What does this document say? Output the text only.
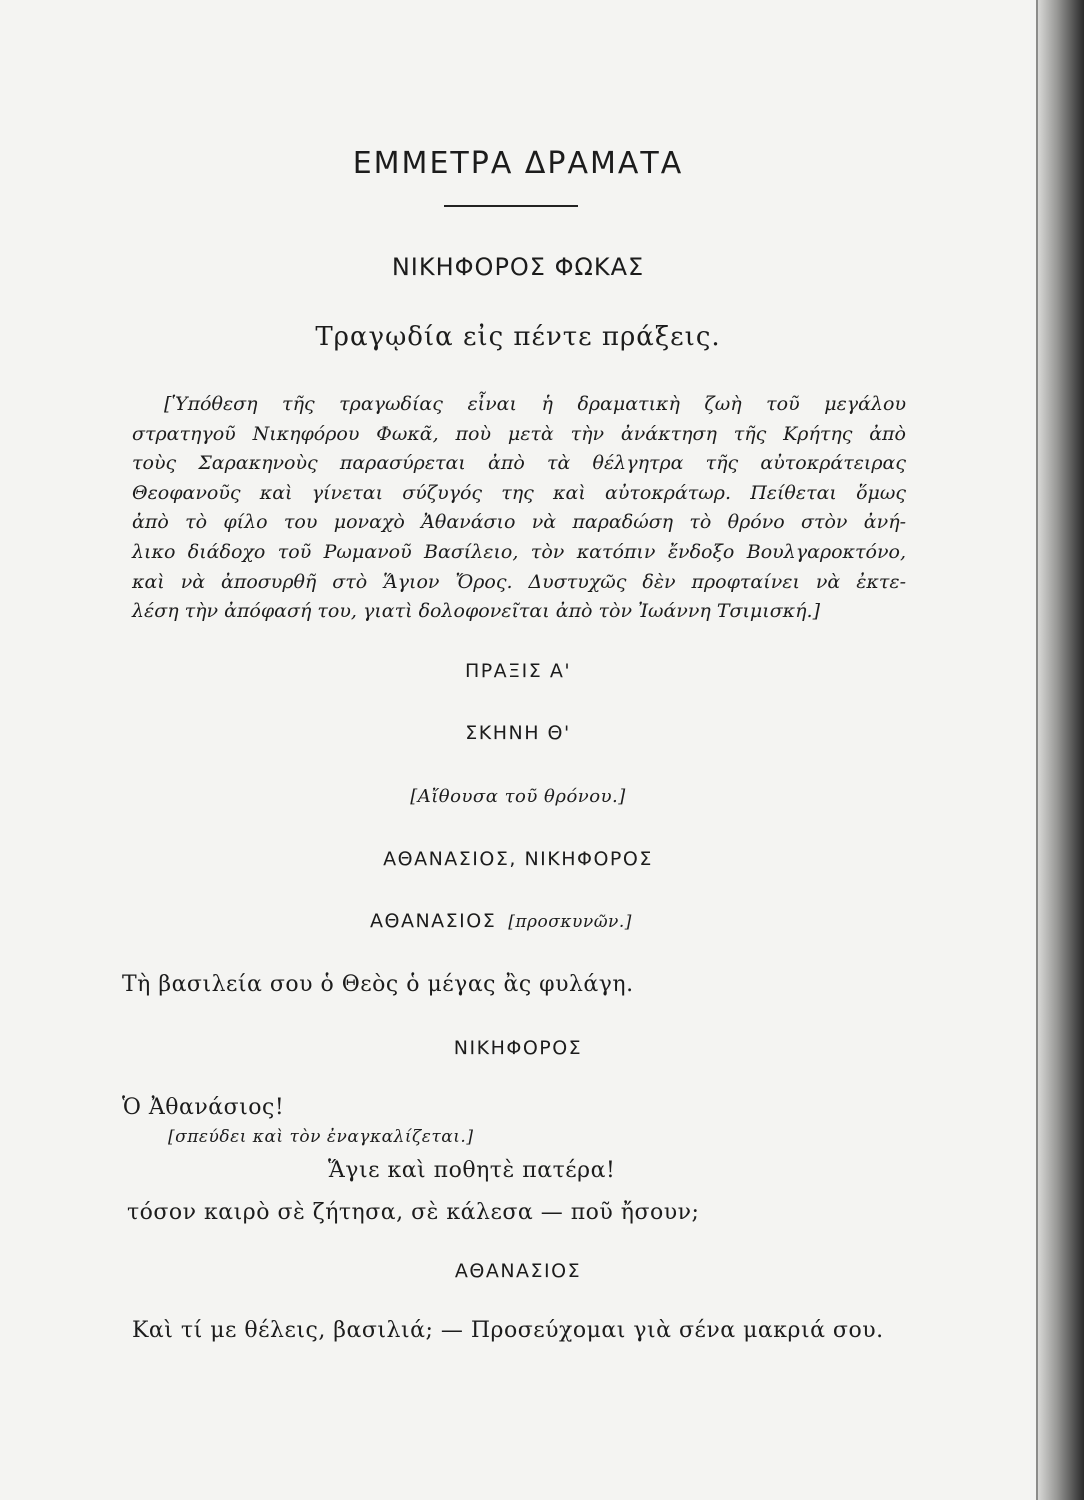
ΕΜΜΕΤΡΑ ΔΡΑΜΑΤΑ
ΝΙΚΗΦΟΡΟΣ ΦΩΚΑΣ
Τραγῳδία εἰς πέντε πράξεις.
[Ὑπόθεση τῆς τραγωδίας εἶναι ἡ δραματικὴ ζωὴ τοῦ μεγάλου
στρατηγοῦ Νικηφόρου Φωκᾶ, ποὺ μετὰ τὴν ἀνάκτηση τῆς Κρήτης ἀπὸ
τοὺς Σαρακηνοὺς παρασύρεται ἀπὸ τὰ θέλγητρα τῆς αὐτοκράτειρας
Θεοφανοῦς καὶ γίνεται σύζυγός της καὶ αὐτοκράτωρ. Πείθεται ὅμως
ἀπὸ τὸ φίλο του μοναχὸ Ἀθανάσιο νὰ παραδώση τὸ θρόνο στὸν ἀνή-
λικο διάδοχο τοῦ Ρωμανοῦ Βασίλειο, τὸν κατόπιν ἔνδοξο Βουλγαροκτόνο,
καὶ νὰ ἀποσυρθῆ στὸ Ἅγιον Ὄρος. Δυστυχῶς δὲν προφταίνει νὰ ἐκτε-
λέση τὴν ἀπόφασή του, γιατὶ δολοφονεῖται ἀπὸ τὸν Ἰωάννη Τσιμισκή.]
ΠΡΑΞΙΣ Α'
ΣΚΗΝΗ Θ'
[Αἴθουσα τοῦ θρόνου.]
ΑΘΑΝΑΣΙΟΣ, ΝΙΚΗΦΟΡΟΣ
ΑΘΑΝΑΣΙΟΣ [προσκυνῶν.]
Τὴ βασιλεία σου ὁ Θεὸς ὁ μέγας ἂς φυλάγη.
ΝΙΚΗΦΟΡΟΣ
Ὁ Ἀθανάσιος!
[σπεύδει καὶ τὸν ἐναγκαλίζεται.]
Ἅγιε καὶ ποθητὲ πατέρα!
τόσον καιρὸ σὲ ζήτησα, σὲ κάλεσα — ποῦ ἤσουν;
ΑΘΑΝΑΣΙΟΣ
Καὶ τί με θέλεις, βασιλιά; — Προσεύχομαι γιὰ σένα μακριά σου.
